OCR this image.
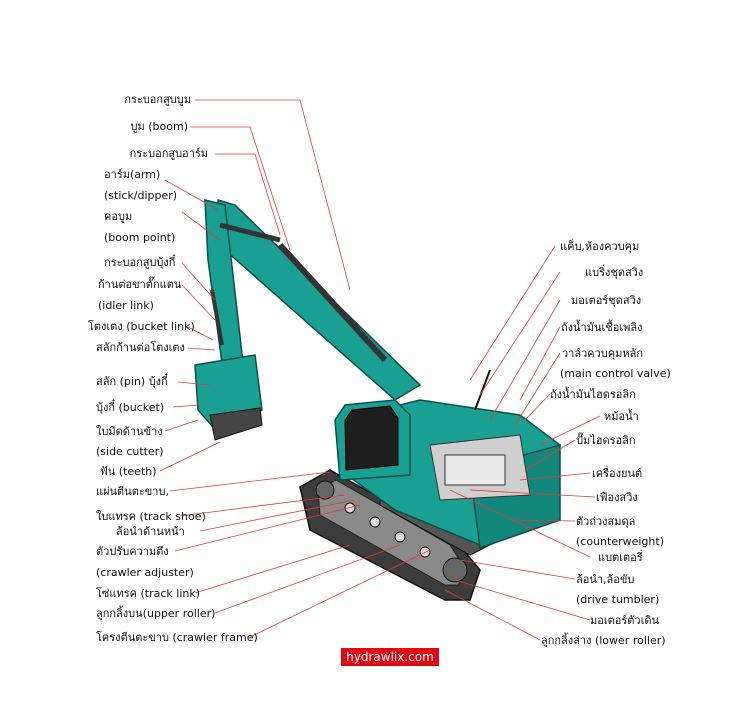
กระบอกสูบบูม
บูม (boom)
กระบอกสูบอาร์ม
อาร์ม(arm)
(stick/dipper)
คอบูม
(boom point)
กระบอกสูบบุ้งกี๋
ก้านต่อขาตั๊กแตน
(idler link)
โตงเตง (bucket link)
สลักก้านต่อโตงเตง
สลัก (pin) บุ้งกี๋
บุ้งกี๋ (bucket)
ใบมีดด้านข้าง
(side cutter)
ฟัน (teeth)
แผ่นตีนตะขาบ,
ใบแทรค (track shoe)
ล้อนำด้านหน้า
ตัวปรับความตึง
(crawler adjuster)
โซ่แทรค (track link)
ลูกกลิ้งบน(upper roller)
โครงตีนตะขาบ (crawler frame)
แค็บ,ห้องควบคุม
แบริ่งชุดสวิง
มอเตอร์ชุดสวิง
ถังน้ำมันเชื้อเพลิง
วาล์วควบคุมหลัก
(main control valve)
ถังน้ำมันไฮดรอลิก
หม้อน้ำ
ปั๊มไฮดรอลิก
เครื่องยนต์
เฟืองสวิง
ตัวถ่วงสมดุล
(counterweight)
แบตเตอรี่
ล้อนำ,ล้อขับ
(drive tumbler)
มอเตอร์ตัวเดิน
ลูกกลิ้งล่าง (lower roller)
hydrawlix.com
